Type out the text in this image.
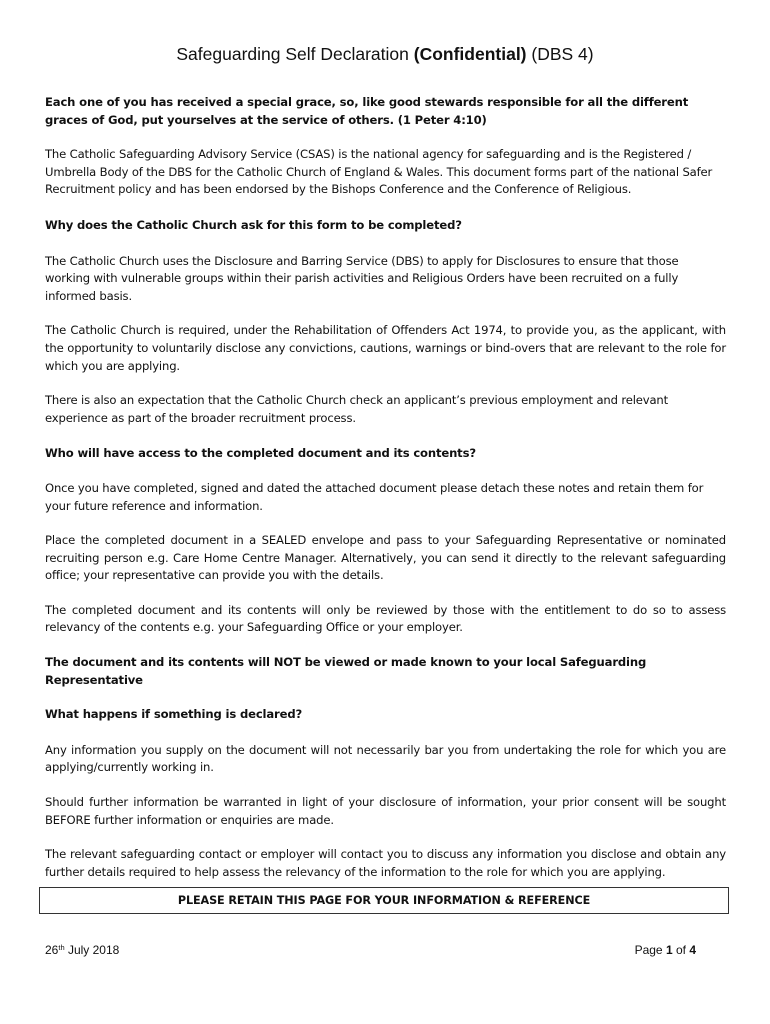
Safeguarding Self Declaration (Confidential) (DBS 4)

Each one of you has received a special grace, so, like good stewards responsible for all the different graces of God, put yourselves at the service of others. (1 Peter 4:10)

The Catholic Safeguarding Advisory Service (CSAS) is the national agency for safeguarding and is the Registered / Umbrella Body of the DBS for the Catholic Church of England & Wales. This document forms part of the national Safer Recruitment policy and has been endorsed by the Bishops Conference and the Conference of Religious.

Why does the Catholic Church ask for this form to be completed?

The Catholic Church uses the Disclosure and Barring Service (DBS) to apply for Disclosures to ensure that those working with vulnerable groups within their parish activities and Religious Orders have been recruited on a fully informed basis.

The Catholic Church is required, under the Rehabilitation of Offenders Act 1974, to provide you, as the applicant, with the opportunity to voluntarily disclose any convictions, cautions, warnings or bind-overs that are relevant to the role for which you are applying.

There is also an expectation that the Catholic Church check an applicant’s previous employment and relevant experience as part of the broader recruitment process.

Who will have access to the completed document and its contents?

Once you have completed, signed and dated the attached document please detach these notes and retain them for your future reference and information.

Place the completed document in a SEALED envelope and pass to your Safeguarding Representative or nominated recruiting person e.g. Care Home Centre Manager. Alternatively, you can send it directly to the relevant safeguarding office; your representative can provide you with the details.

The completed document and its contents will only be reviewed by those with the entitlement to do so to assess relevancy of the contents e.g. your Safeguarding Office or your employer.

The document and its contents will NOT be viewed or made known to your local Safeguarding Representative

What happens if something is declared?

Any information you supply on the document will not necessarily bar you from undertaking the role for which you are applying/currently working in.

Should further information be warranted in light of your disclosure of information, your prior consent will be sought BEFORE further information or enquiries are made.

The relevant safeguarding contact or employer will contact you to discuss any information you disclose and obtain any further details required to help assess the relevancy of the information to the role for which you are applying.

PLEASE RETAIN THIS PAGE FOR YOUR INFORMATION & REFERENCE
26th July 2018	Page 1 of 4
